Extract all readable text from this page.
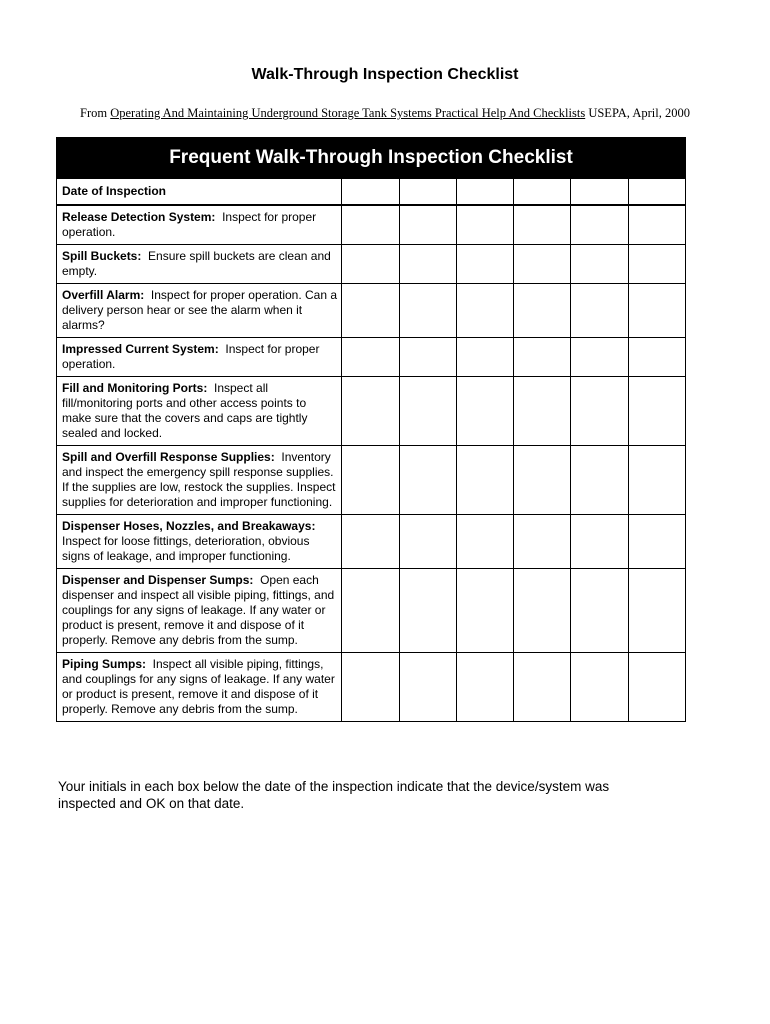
Walk-Through Inspection Checklist
From Operating And Maintaining Underground Storage Tank Systems Practical Help And Checklists USEPA, April, 2000
Frequent Walk-Through Inspection Checklist						
Date of Inspection						
Release Detection System: Inspect for proper operation.						
Spill Buckets: Ensure spill buckets are clean and empty.						
Overfill Alarm: Inspect for proper operation. Can a delivery person hear or see the alarm when it alarms?						
Impressed Current System: Inspect for proper operation.						
Fill and Monitoring Ports: Inspect all fill/monitoring ports and other access points to make sure that the covers and caps are tightly sealed and locked.						
Spill and Overfill Response Supplies: Inventory and inspect the emergency spill response supplies. If the supplies are low, restock the supplies. Inspect supplies for deterioration and improper functioning.						
Dispenser Hoses, Nozzles, and Breakaways:  Inspect for loose fittings, deterioration, obvious signs of leakage, and improper functioning.						
Dispenser and Dispenser Sumps: Open each dispenser and inspect all visible piping, fittings, and couplings for any signs of leakage. If any water or product is present, remove it and dispose of it properly. Remove any debris from the sump.						
Piping Sumps: Inspect all visible piping, fittings, and couplings for any signs of leakage. If any water or product is present, remove it and dispose of it properly. Remove any debris from the sump.						
Your initials in each box below the date of the inspection indicate that the device/system was inspected and OK on that date.
